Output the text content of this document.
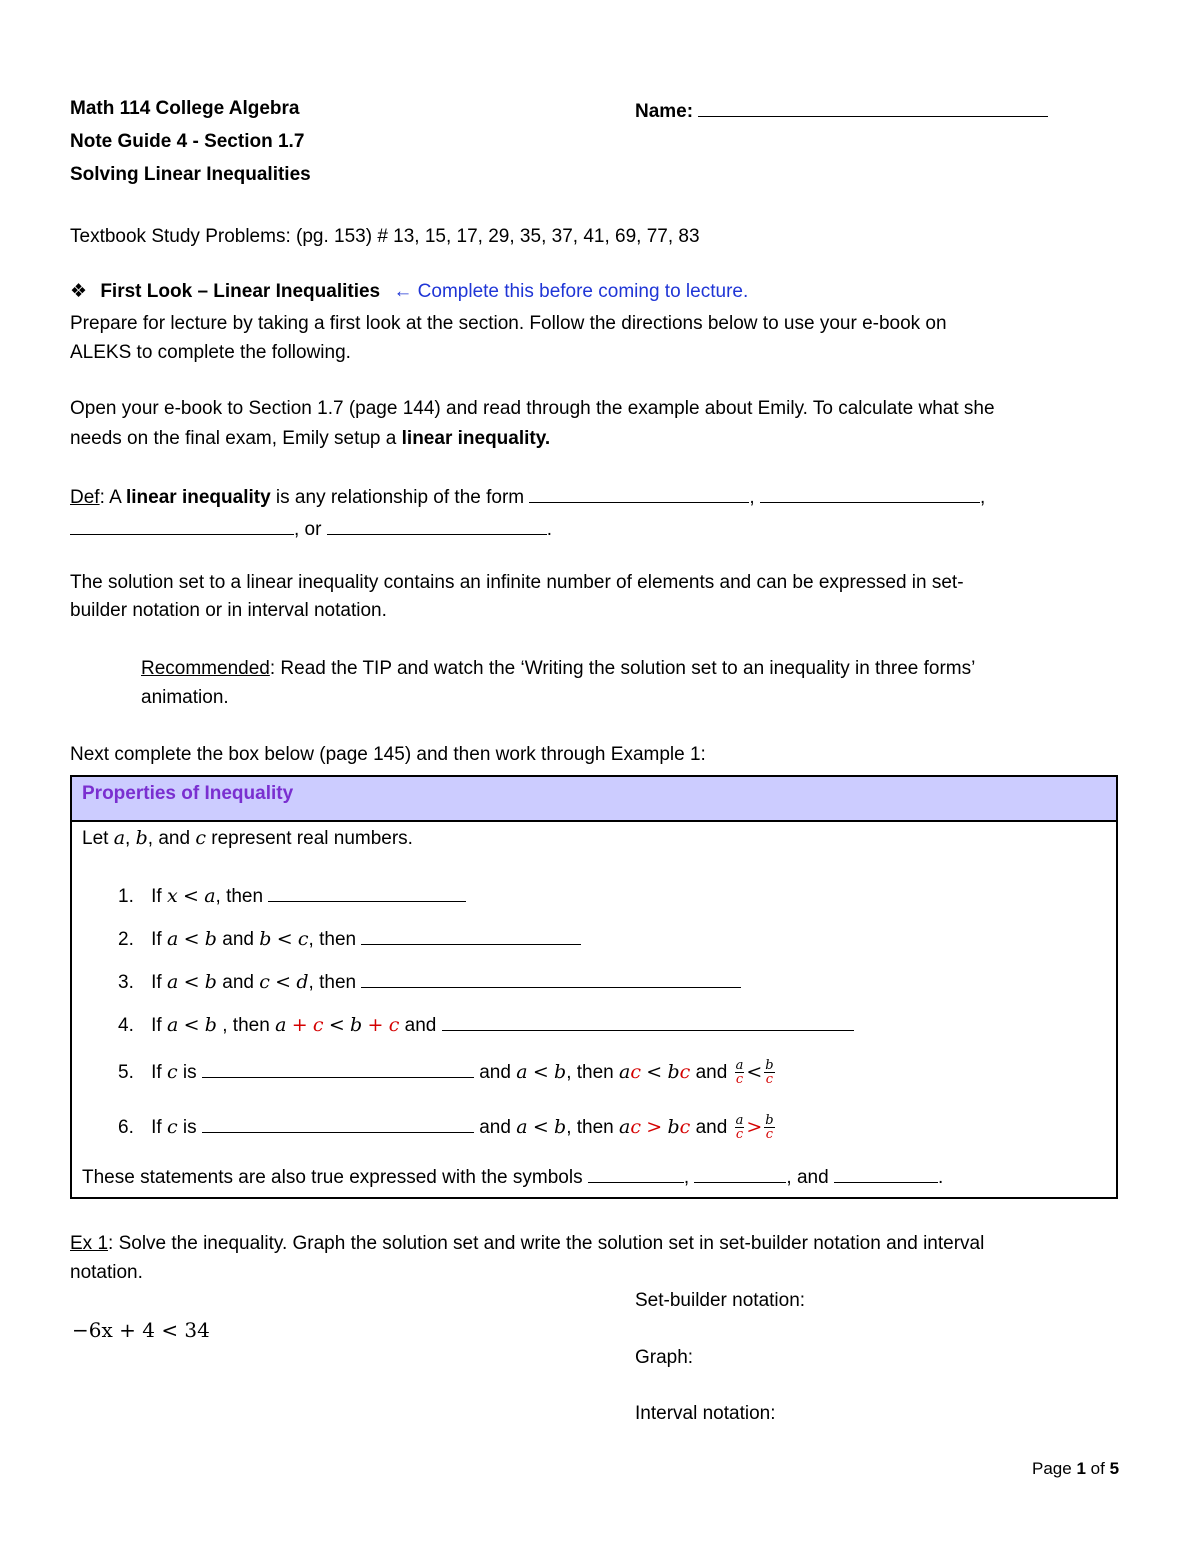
Math 114 College Algebra
Note Guide 4 - Section 1.7
Solving Linear Inequalities
Name:
Textbook Study Problems: (pg. 153) # 13, 15, 17, 29, 35, 37, 41, 69, 77, 83
❖ First Look – Linear Inequalities ← Complete this before coming to lecture.
Prepare for lecture by taking a first look at the section. Follow the directions below to use your e-book on
ALEKS to complete the following.
Open your e-book to Section 1.7 (page 144) and read through the example about Emily. To calculate what she
needs on the final exam, Emily setup a linear inequality.
Def: A linear inequality is any relationship of the form	,	,
, or	.
The solution set to a linear inequality contains an infinite number of elements and can be expressed in set-
builder notation or in interval notation.
Recommended: Read the TIP and watch the ‘Writing the solution set to an inequality in three forms’
animation.
Next complete the box below (page 145) and then work through Example 1:
Properties of Inequality
Let a, b, and c represent real numbers.
1. If x < a, then
2. If a < b and b < c, then
3. If a < b and c < d, then
4. If a < b , then a + c < b + c and
5. If c is	and a < b, then ac < bc and $\frac{a}{c} < \frac{b}{c}$
6. If c is	and a < b, then ac > bc and $\frac{a}{c} > \frac{b}{c}$
These statements are also true expressed with the symbols	,	, and	.
Ex 1: Solve the inequality. Graph the solution set and write the solution set in set-builder notation and interval
notation.
−6x + 4 < 34
Set-builder notation:
Graph:
Interval notation:
Page 1 of 5
